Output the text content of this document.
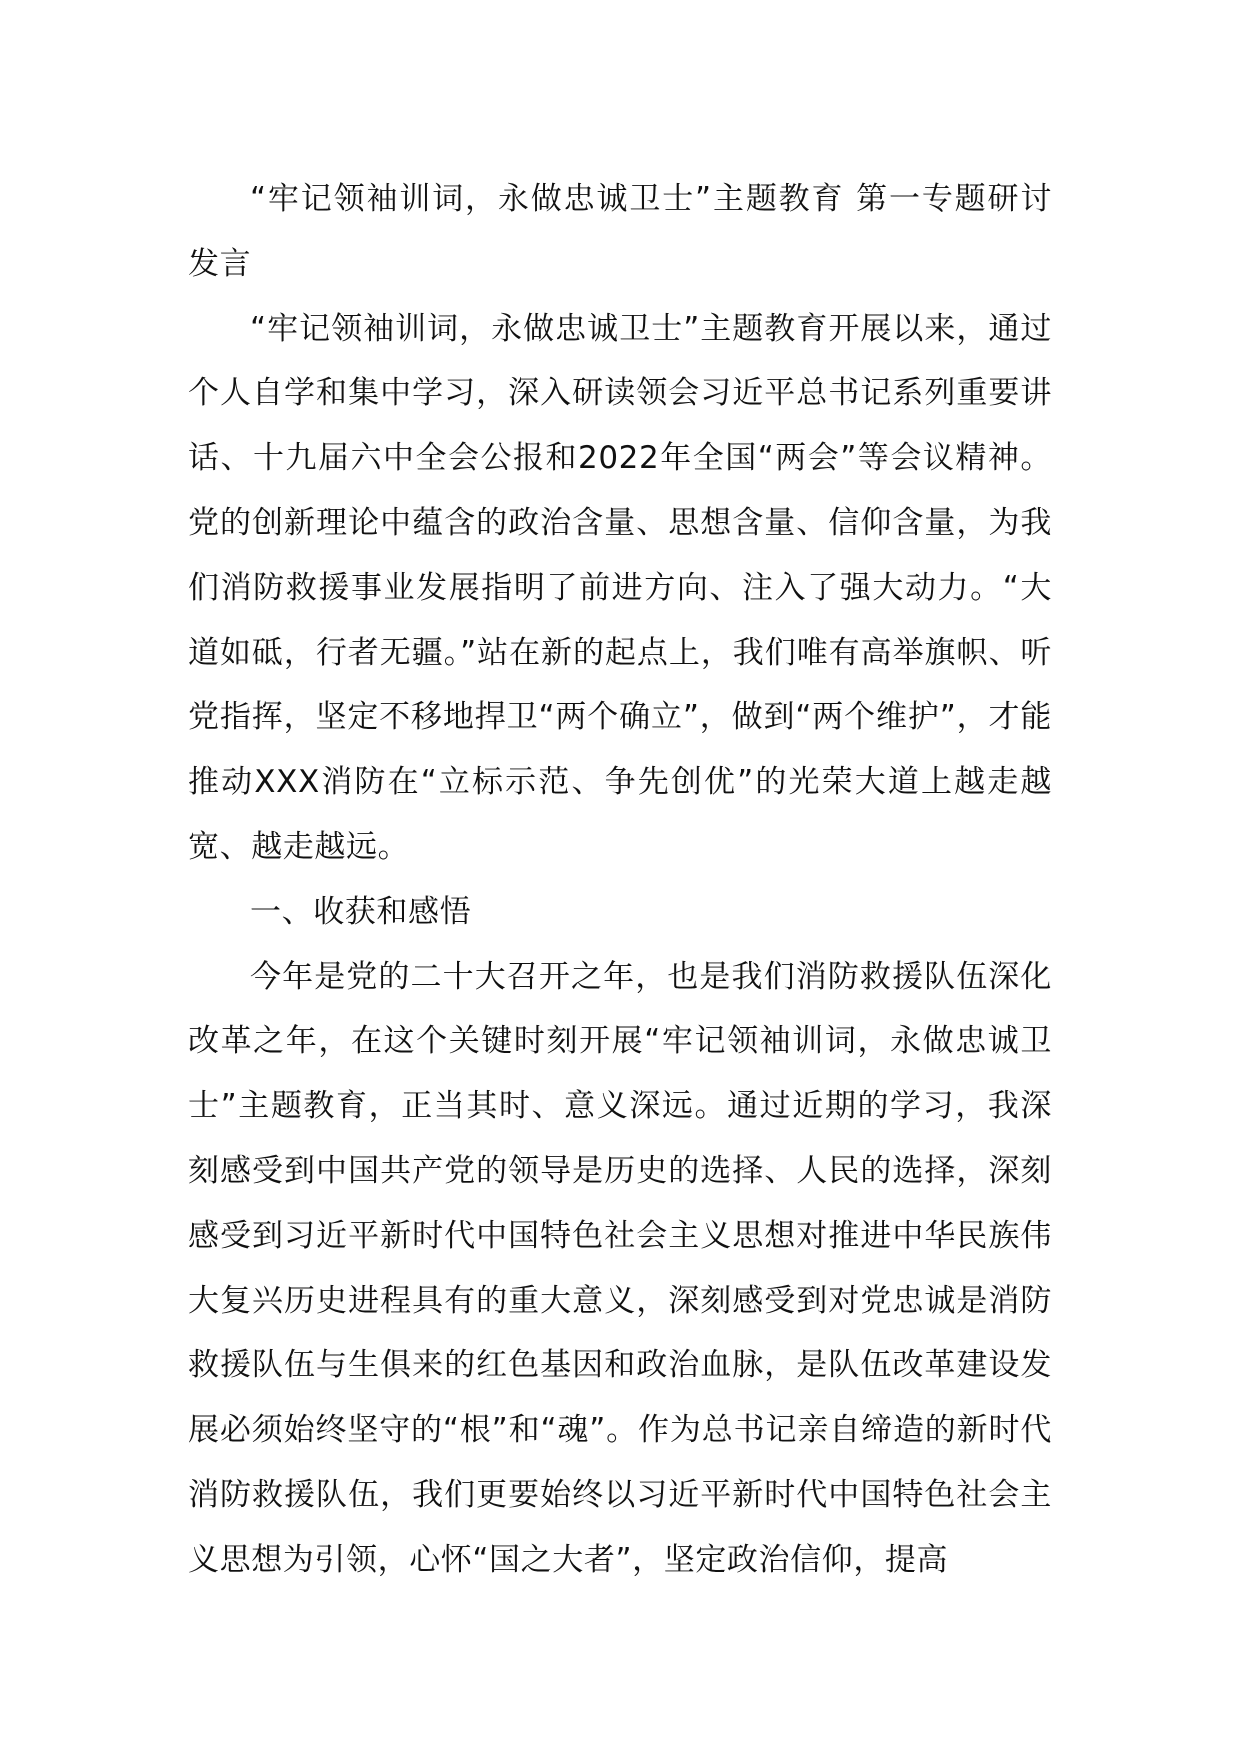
“牢记领袖训词，永做忠诚卫士”主题教育 第一专题研讨发言

“牢记领袖训词，永做忠诚卫士”主题教育开展以来，通过个人自学和集中学习，深入研读领会习近平总书记系列重要讲话、十九届六中全会公报和2022年全国“两会”等会议精神。党的创新理论中蕴含的政治含量、思想含量、信仰含量，为我们消防救援事业发展指明了前进方向、注入了强大动力。“大道如砥，行者无疆。”站在新的起点上，我们唯有高举旗帜、听党指挥，坚定不移地捍卫“两个确立”，做到“两个维护”，才能推动XXX消防在“立标示范、争先创优”的光荣大道上越走越宽、越走越远。

一、收获和感悟

今年是党的二十大召开之年，也是我们消防救援队伍深化改革之年，在这个关键时刻开展“牢记领袖训词，永做忠诚卫士”主题教育，正当其时、意义深远。通过近期的学习，我深刻感受到中国共产党的领导是历史的选择、人民的选择，深刻感受到习近平新时代中国特色社会主义思想对推进中华民族伟大复兴历史进程具有的重大意义，深刻感受到对党忠诚是消防救援队伍与生俱来的红色基因和政治血脉，是队伍改革建设发展必须始终坚守的“根”和“魂”。作为总书记亲自缔造的新时代消防救援队伍，我们更要始终以习近平新时代中国特色社会主义思想为引领，心怀“国之大者”，坚定政治信仰，提高
